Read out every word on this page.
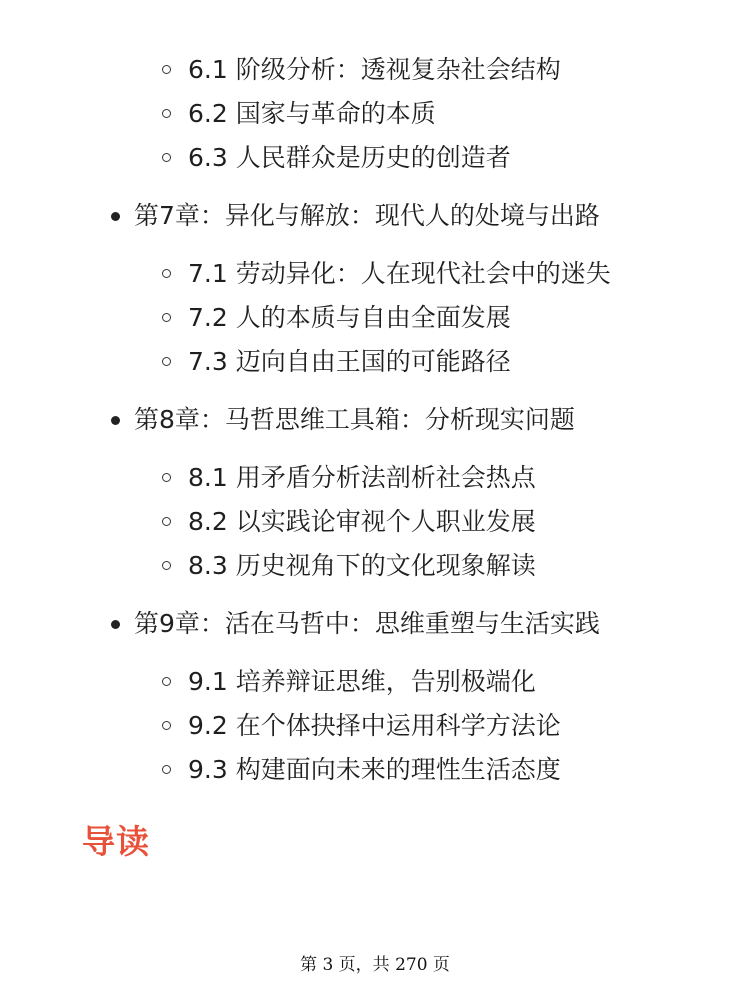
6.1 阶级分析：透视复杂社会结构
6.2 国家与革命的本质
6.3 人民群众是历史的创造者
第7章：异化与解放：现代人的处境与出路
7.1 劳动异化：人在现代社会中的迷失
7.2 人的本质与自由全面发展
7.3 迈向自由王国的可能路径
第8章：马哲思维工具箱：分析现实问题
8.1 用矛盾分析法剖析社会热点
8.2 以实践论审视个人职业发展
8.3 历史视角下的文化现象解读
第9章：活在马哲中：思维重塑与生活实践
9.1 培养辩证思维，告别极端化
9.2 在个体抉择中运用科学方法论
9.3 构建面向未来的理性生活态度
导读
第 3 页，共 270 页
